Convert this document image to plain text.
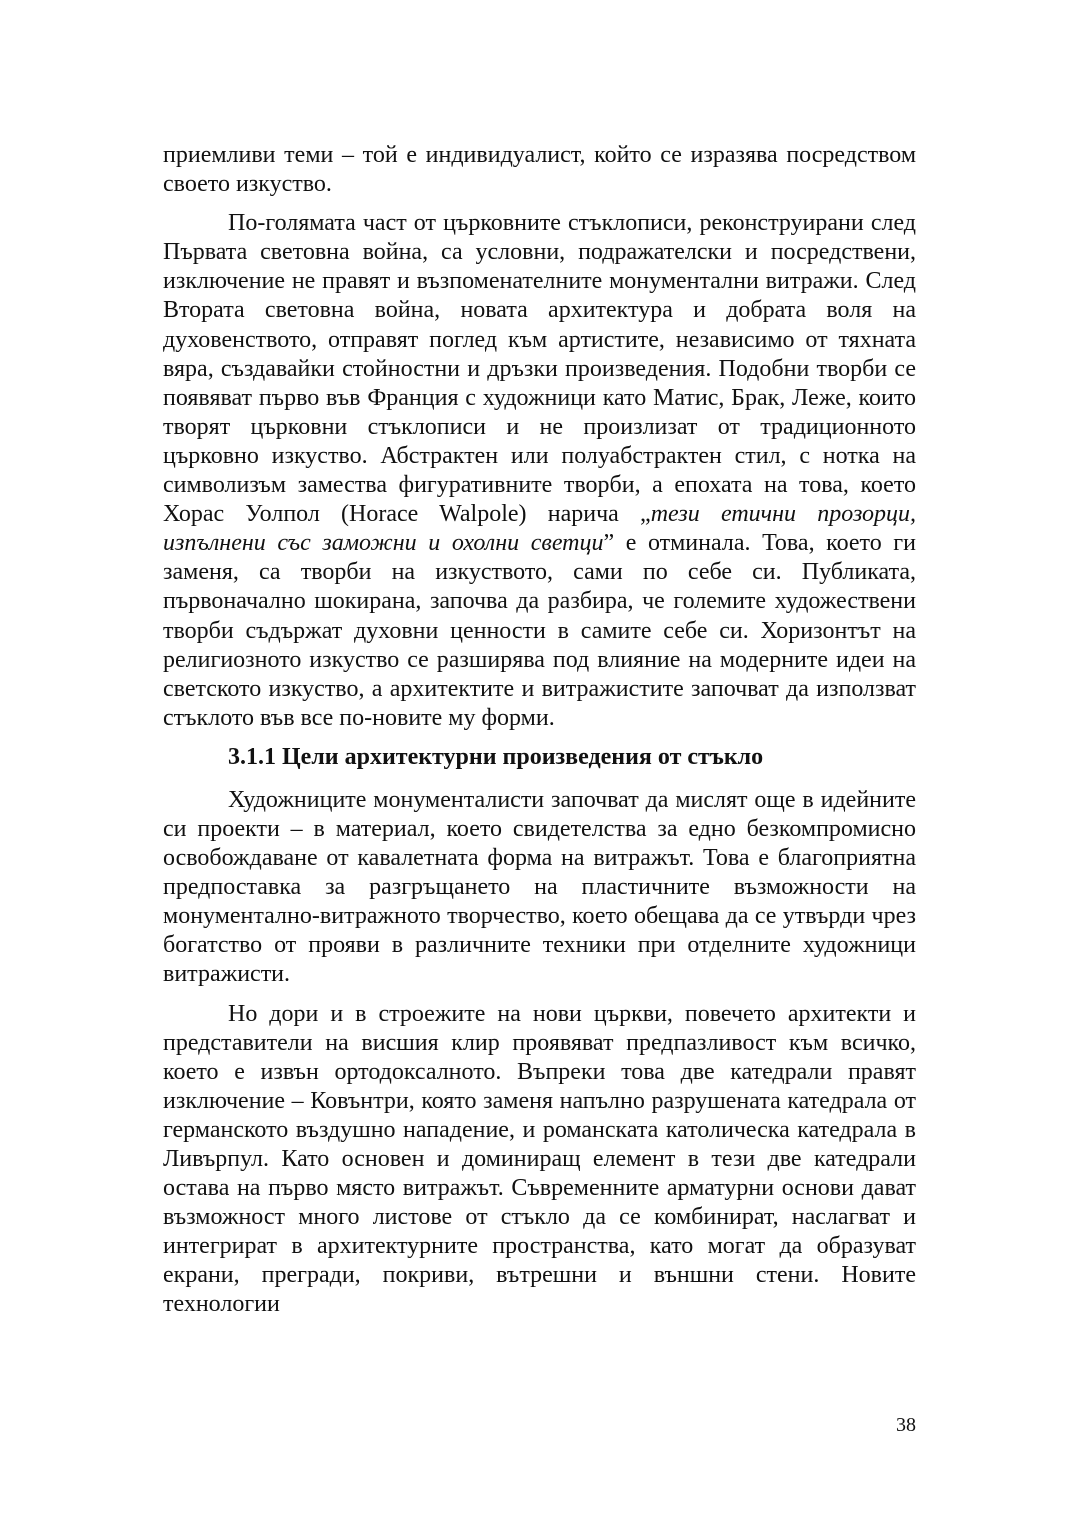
приемливи теми – той е индивидуалист, който се изразява посредством своето изкуство.

По-голямата част от църковните стъклописи, реконструирани след Първата световна война, са условни, подражателски и посредствени, изключение не правят и възпоменателните монументални витражи. След Втората световна война, новата архитектура и добрата воля на духовенството, отправят поглед към артистите, независимо от тяхната вяра, създавайки стойностни и дръзки произведения. Подобни творби се появяват първо във Франция с художници като Матис, Брак, Леже, които творят църковни стъклописи и не произлизат от традиционното църковно изкуство. Абстрактен или полуабстрактен стил, с нотка на символизъм замества фигуративните творби, а епохата на това, което Хорас Уолпол (Horace Walpole) нарича „тези етични прозорци, изпълнени със заможни и охолни светци” е отминала. Това, което ги заменя, са творби на изкуството, сами по себе си. Публиката, първоначално шокирана, започва да разбира, че големите художествени творби съдържат духовни ценности в самите себе си. Хоризонтът на религиозното изкуство се разширява под влияние на модерните идеи на светското изкуство, а архитектите и витражистите започват да използват стъклото във все по-новите му форми.

3.1.1 Цели архитектурни произведения от стъкло

Художниците монументалисти започват да мислят още в идейните си проекти – в материал, което свидетелства за едно безкомпромисно освобождаване от кавалетната форма на витражът. Това е благоприятна предпоставка за разгръщането на пластичните възможности на монументално-витражното творчество, което обещава да се утвърди чрез богатство от прояви в различните техники при отделните художници витражисти.

Но дори и в строежите на нови църкви, повечето архитекти и представители на висшия клир проявяват предпазливост към всичко, което е извън ортодоксалното. Въпреки това две катедрали правят изключение – Ковънтри, която заменя напълно разрушената катедрала от германското въздушно нападение, и романската католическа катедрала в Ливърпул. Като основен и доминиращ елемент в тези две катедрали остава на първо място витражът. Съвременните арматурни основи дават възможност много листове от стъкло да се комбинират, наслагват и интегрират в архитектурните пространства, като могат да образуват екрани, прегради, покриви, вътрешни и външни стени. Новите технологии

38
